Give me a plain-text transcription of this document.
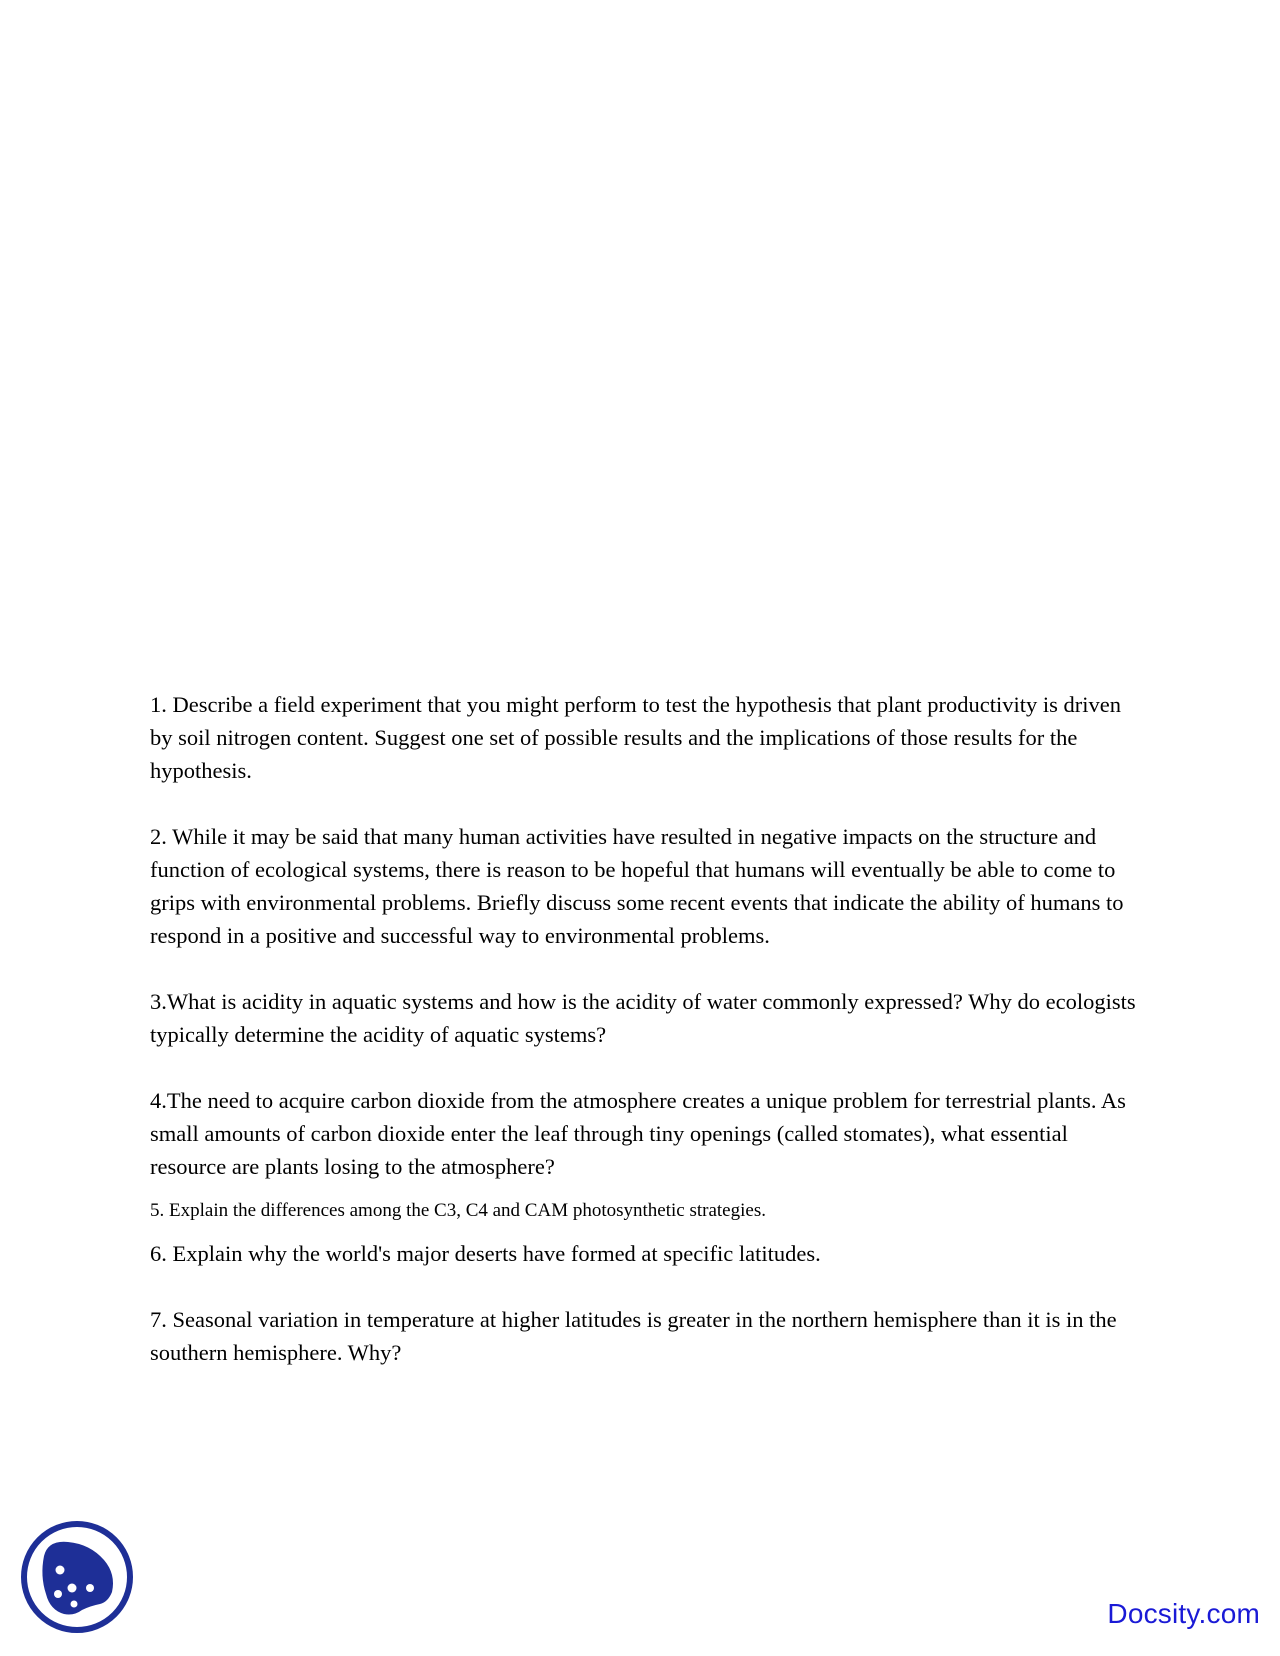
1. Describe a field experiment that you might perform to test the hypothesis that plant productivity is driven by soil nitrogen content. Suggest one set of possible results and the implications of those results for the hypothesis.

2. While it may be said that many human activities have resulted in negative impacts on the structure and function of ecological systems, there is reason to be hopeful that humans will eventually be able to come to grips with environmental problems. Briefly discuss some recent events that indicate the ability of humans to respond in a positive and successful way to environmental problems.

3.What is acidity in aquatic systems and how is the acidity of water commonly expressed? Why do ecologists typically determine the acidity of aquatic systems?

4.The need to acquire carbon dioxide from the atmosphere creates a unique problem for terrestrial plants. As small amounts of carbon dioxide enter the leaf through tiny openings (called stomates), what essential resource are plants losing to the atmosphere?

5. Explain the differences among the C3, C4 and CAM photosynthetic strategies.

6. Explain why the world's major deserts have formed at specific latitudes.

7. Seasonal variation in temperature at higher latitudes is greater in the northern hemisphere than it is in the southern hemisphere. Why?

Docsity.com
